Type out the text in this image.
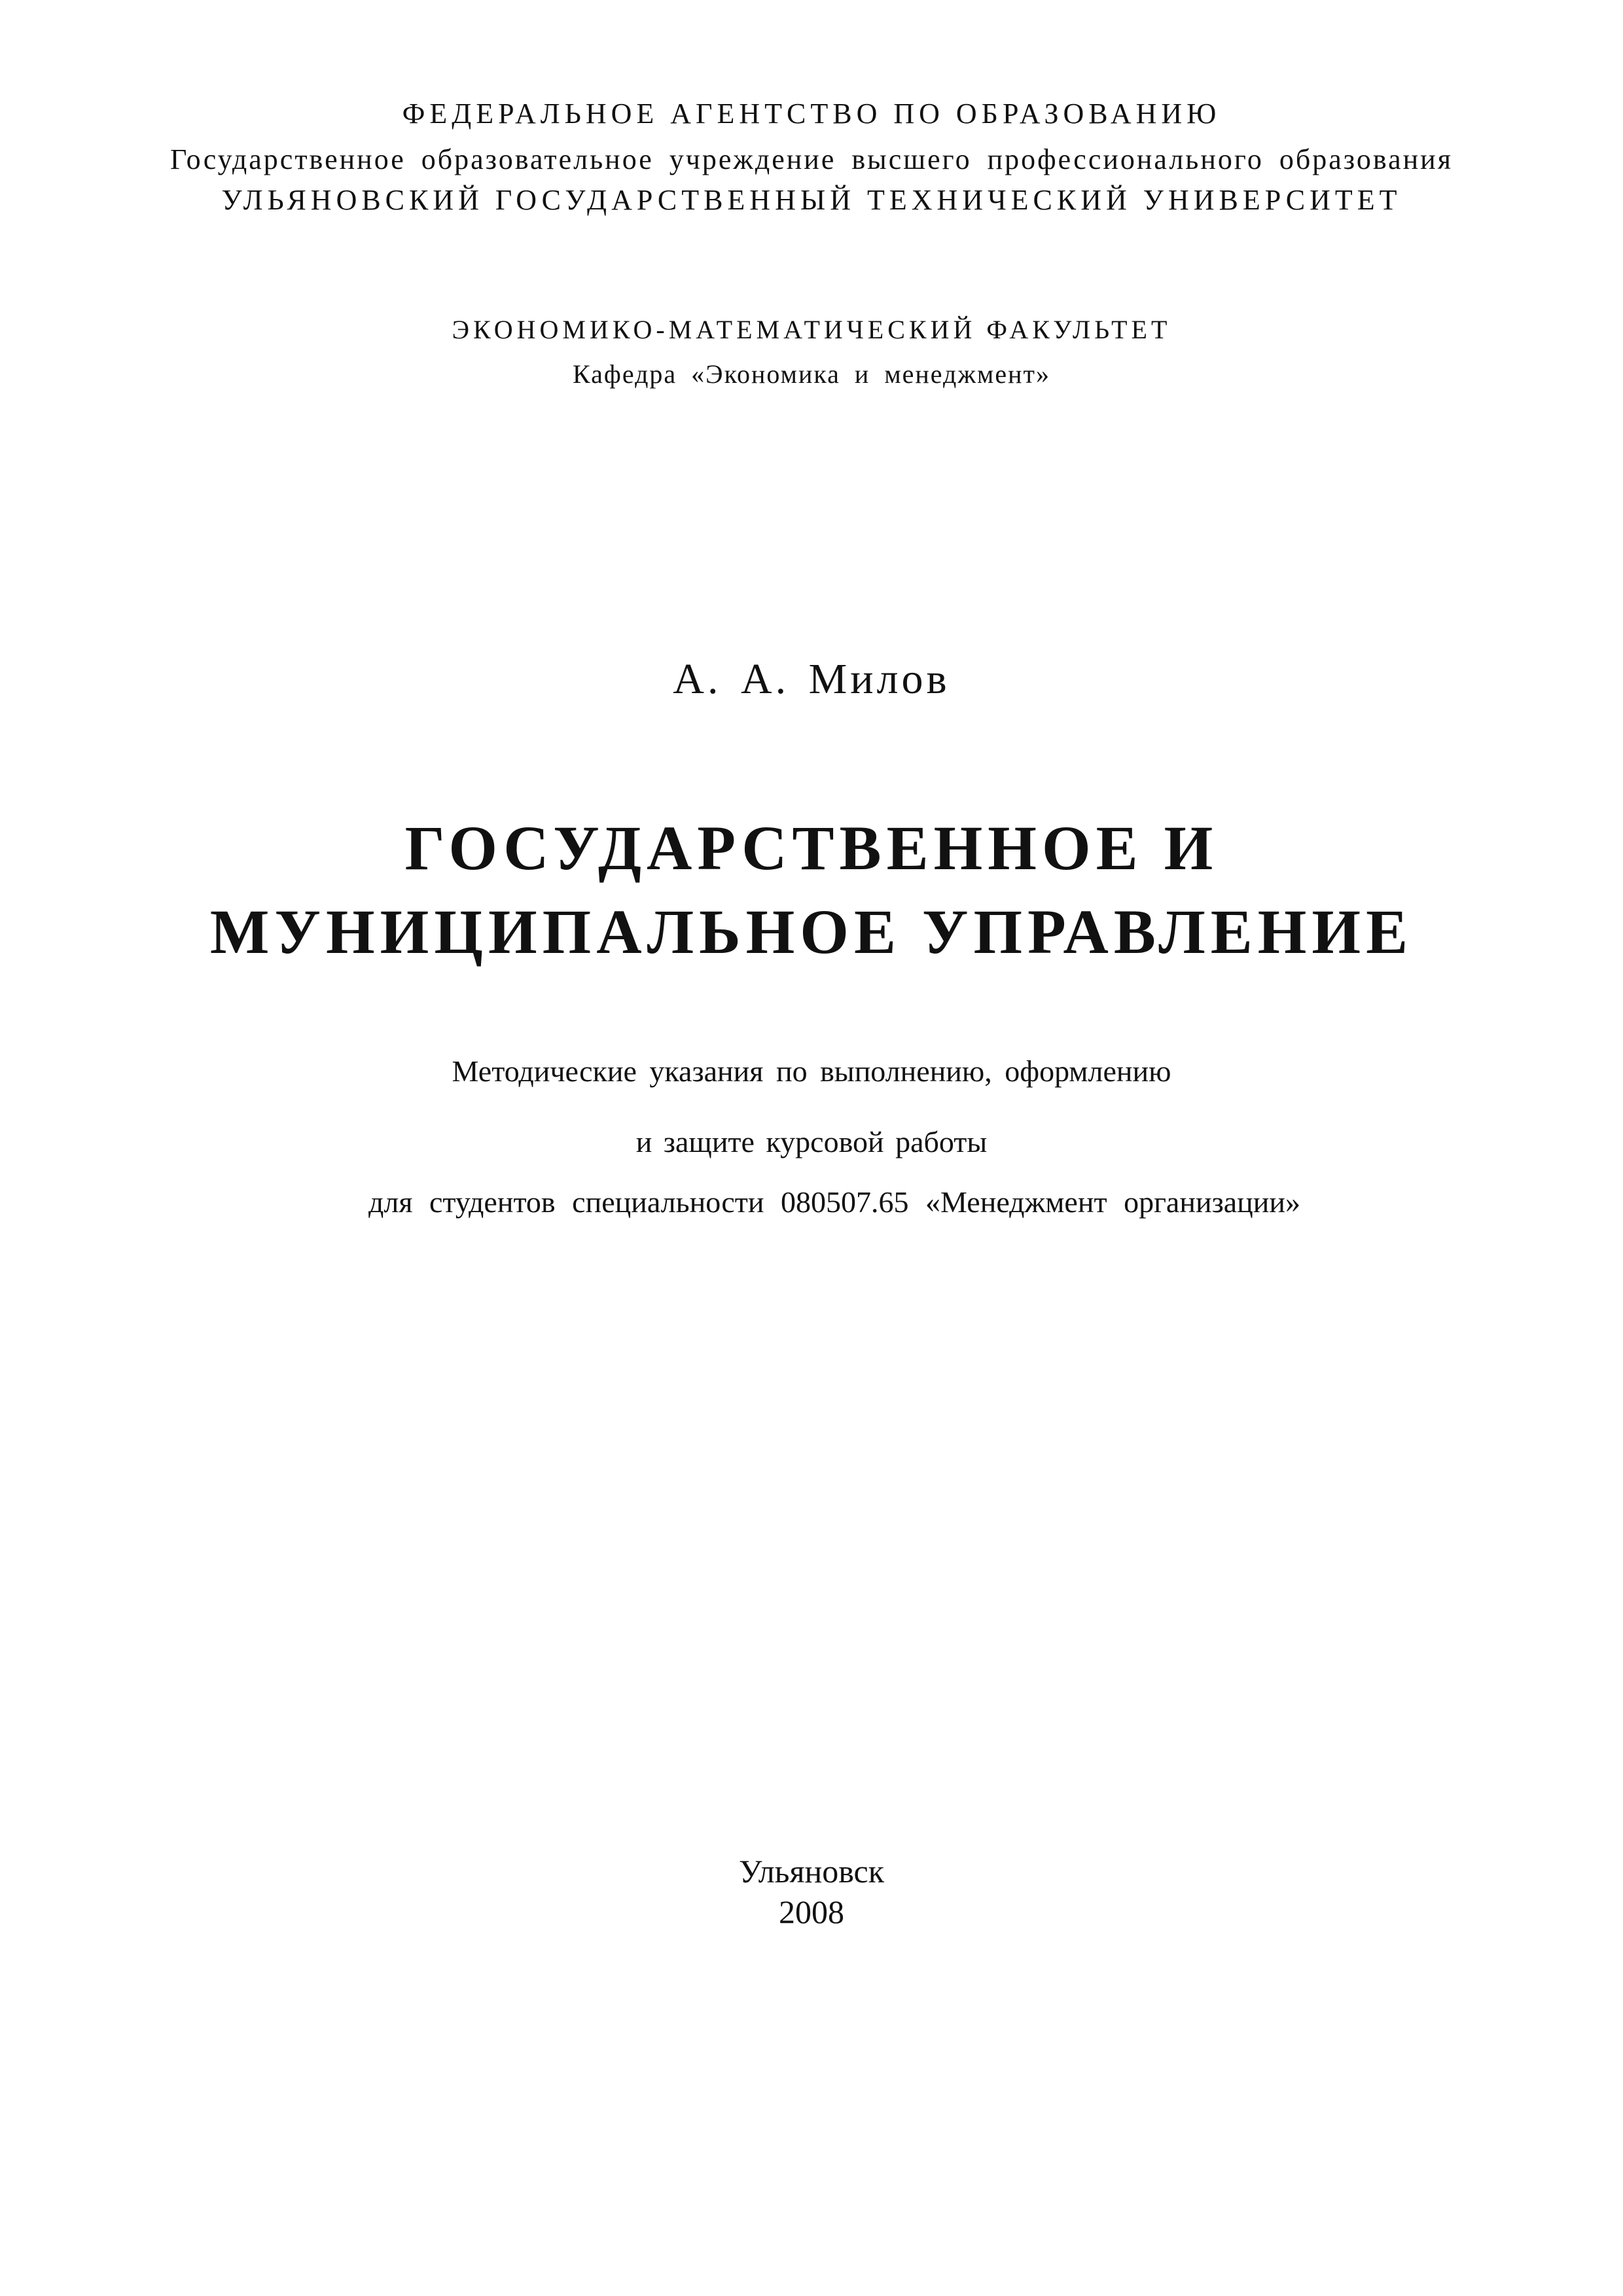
ФЕДЕРАЛЬНОЕ АГЕНТСТВО ПО ОБРАЗОВАНИЮ
Государственное образовательное учреждение высшего профессионального образования
УЛЬЯНОВСКИЙ ГОСУДАРСТВЕННЫЙ ТЕХНИЧЕСКИЙ УНИВЕРСИТЕТ
ЭКОНОМИКО-МАТЕМАТИЧЕСКИЙ ФАКУЛЬТЕТ
Кафедра «Экономика и менеджмент»
А. А. Милов
ГОСУДАРСТВЕННОЕ И
МУНИЦИПАЛЬНОЕ УПРАВЛЕНИЕ
Методические указания по выполнению, оформлению
и защите курсовой работы
для студентов специальности 080507.65 «Менеджмент организации»
Ульяновск
2008
